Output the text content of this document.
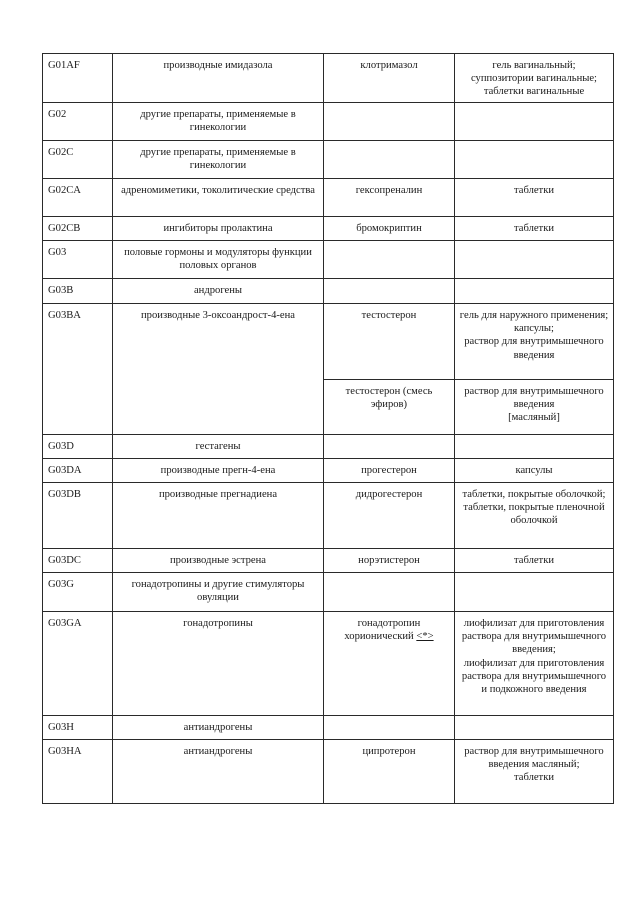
G01AF	производные имидазола	клотримазол	гель вагинальный;
суппозитории вагинальные;
таблетки вагинальные

G02	другие препараты, применяемые в гинекологии		
G02C	другие препараты, применяемые в гинекологии		
G02CA	адреномиметики, токолитические средства	гексопреналин	таблетки

G02CB	ингибиторы пролактина	бромокриптин	таблетки

G03	половые гормоны и модуляторы функции половых органов		
G03B	андрогены		
G03BA	производные 3-оксоандрост-4-ена	тестостерон	гель для наружного применения;
капсулы;
раствор для внутримышечного введения

		тестостерон (смесь эфиров)	раствор для внутримышечного введения
[масляный]

G03D	гестагены		
G03DA	производные прегн-4-ена	прогестерон	капсулы

G03DB	производные прегнадиена	дидрогестерон	таблетки, покрытые оболочкой;
таблетки, покрытые пленочной оболочкой

G03DC	производные эстрена	норэтистерон	таблетки

G03G	гонадотропины и другие стимуляторы овуляции		
G03GA	гонадотропины	гонадотропин хорионический <*>	лиофилизат для приготовления раствора для внутримышечного введения;
лиофилизат для приготовления раствора для внутримышечного и подкожного введения

G03H	антиандрогены		
G03HA	антиандрогены	ципротерон	раствор для внутримышечного введения масляный;
таблетки
